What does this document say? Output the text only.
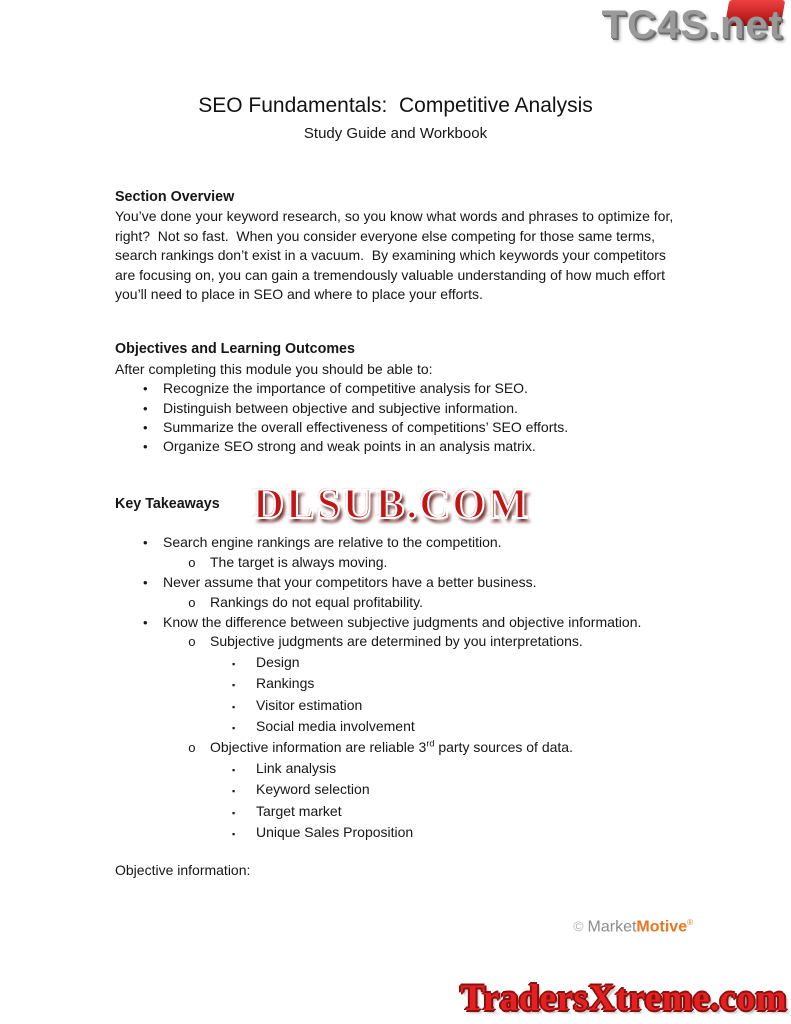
TC4S.net
SEO Fundamentals:  Competitive Analysis
Study Guide and Workbook
Section Overview

You’ve done your keyword research, so you know what words and phrases to optimize for, right?  Not so fast.  When you consider everyone else competing for those same terms, search rankings don’t exist in a vacuum.  By examining which keywords your competitors are focusing on, you can gain a tremendously valuable understanding of how much effort you’ll need to place in SEO and where to place your efforts.

Objectives and Learning Outcomes

After completing this module you should be able to:

•	Recognize the importance of competitive analysis for SEO.
•	Distinguish between objective and subjective information.
•	Summarize the overall effectiveness of competitions’ SEO efforts.
•	Organize SEO strong and weak points in an analysis matrix.
Key Takeaways
•	Search engine rankings are relative to the competition.
o	The target is always moving.
•	Never assume that your competitors have a better business.
o	Rankings do not equal profitability.
•	Know the difference between subjective judgments and objective information.
o	Subjective judgments are determined by you interpretations.
▪	Design
▪	Rankings
▪	Visitor estimation
▪	Social media involvement
o	Objective information are reliable 3rd party sources of data.
▪	Link analysis
▪	Keyword selection
▪	Target market
▪	Unique Sales Proposition

Objective information:

DLSUB.COM
© MarketMotive®
TradersXtreme.com
